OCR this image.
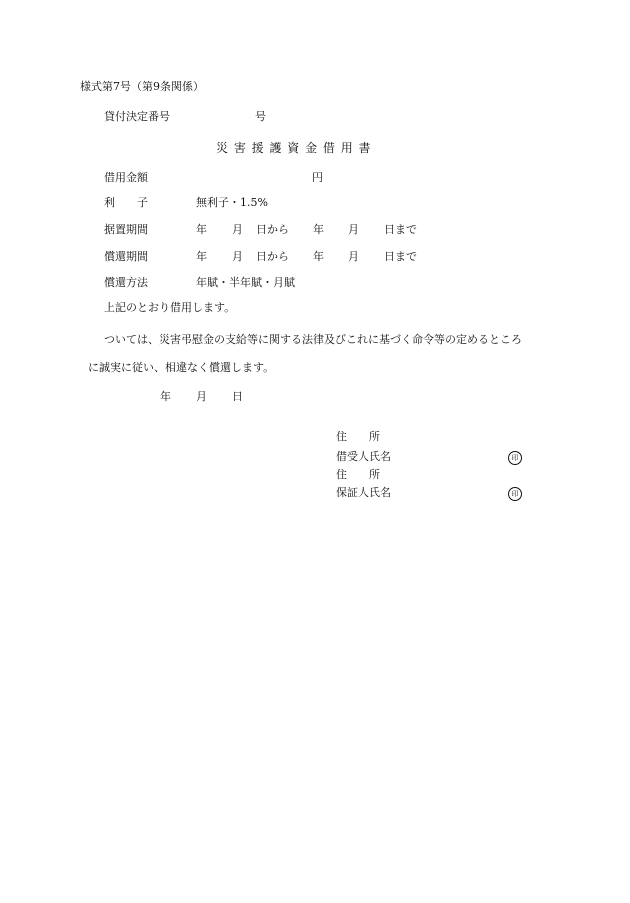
様式第7号（第9条関係）
貸付決定番号	号
災 害 援 護 資 金 借 用 書
借用金額	円
利　　子	無利子・1.5%
据置期間	年 月 日から 年 月 日まで
償還期間	年 月 日から 年 月 日まで
償還方法	年賦・半年賦・月賦
上記のとおり借用します。
ついては、災害弔慰金の支給等に関する法律及びこれに基づく命令等の定めるところ
に誠実に従い、相違なく償還します。
年 月 日
住　　所
借受人氏名	印
住　　所
保証人氏名	印
